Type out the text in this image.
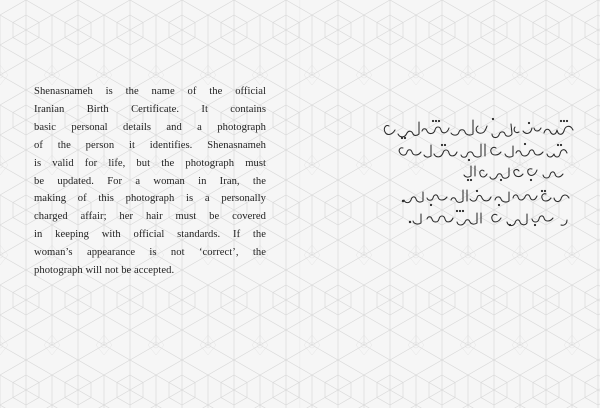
Shenasnameh is the name of the official
Iranian Birth Certificate. It contains
basic personal details and a photograph
of the person it identifies. Shenasnameh
is valid for life, but the photograph must
be updated. For a woman in Iran, the
making of this photograph is a personally
charged affair; her hair must be covered
in keeping with official standards. If the
woman’s appearance is not ‘correct’, the
photograph will not be accepted.
